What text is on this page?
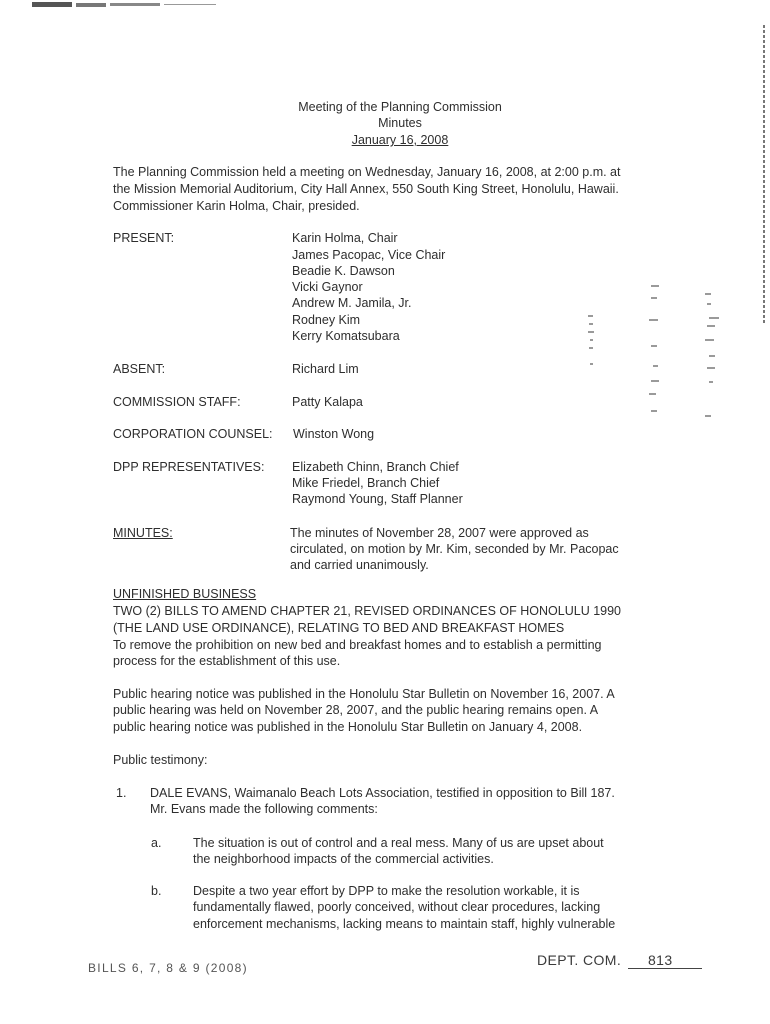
Meeting of the Planning Commission
Minutes
January 16, 2008
The Planning Commission held a meeting on Wednesday, January 16, 2008, at 2:00 p.m. at
the Mission Memorial Auditorium, City Hall Annex, 550 South King Street, Honolulu, Hawaii.
Commissioner Karin Holma, Chair, presided.
PRESENT:	Karin Holma, Chair
James Pacopac, Vice Chair
Beadie K. Dawson
Vicki Gaynor
Andrew M. Jamila, Jr.
Rodney Kim
Kerry Komatsubara
ABSENT:	Richard Lim
COMMISSION STAFF:	Patty Kalapa
CORPORATION COUNSEL: Winston Wong
DPP REPRESENTATIVES: Elizabeth Chinn, Branch Chief
Mike Friedel, Branch Chief
Raymond Young, Staff Planner
MINUTES:	The minutes of November 28, 2007 were approved as
circulated, on motion by Mr. Kim, seconded by Mr. Pacopac
and carried unanimously.
UNFINISHED BUSINESS
TWO (2) BILLS TO AMEND CHAPTER 21, REVISED ORDINANCES OF HONOLULU 1990
(THE LAND USE ORDINANCE), RELATING TO BED AND BREAKFAST HOMES
To remove the prohibition on new bed and breakfast homes and to establish a permitting
process for the establishment of this use.
Public hearing notice was published in the Honolulu Star Bulletin on November 16, 2007. A
public hearing was held on November 28, 2007, and the public hearing remains open. A
public hearing notice was published in the Honolulu Star Bulletin on January 4, 2008.
Public testimony:
1. DALE EVANS, Waimanalo Beach Lots Association, testified in opposition to Bill 187.
Mr. Evans made the following comments:
a.	The situation is out of control and a real mess. Many of us are upset about
the neighborhood impacts of the commercial activities.
b.	Despite a two year effort by DPP to make the resolution workable, it is
fundamentally flawed, poorly conceived, without clear procedures, lacking
enforcement mechanisms, lacking means to maintain staff, highly vulnerable
BILLS 6, 7, 8 & 9 (2008)	DEPT. COM. 813
